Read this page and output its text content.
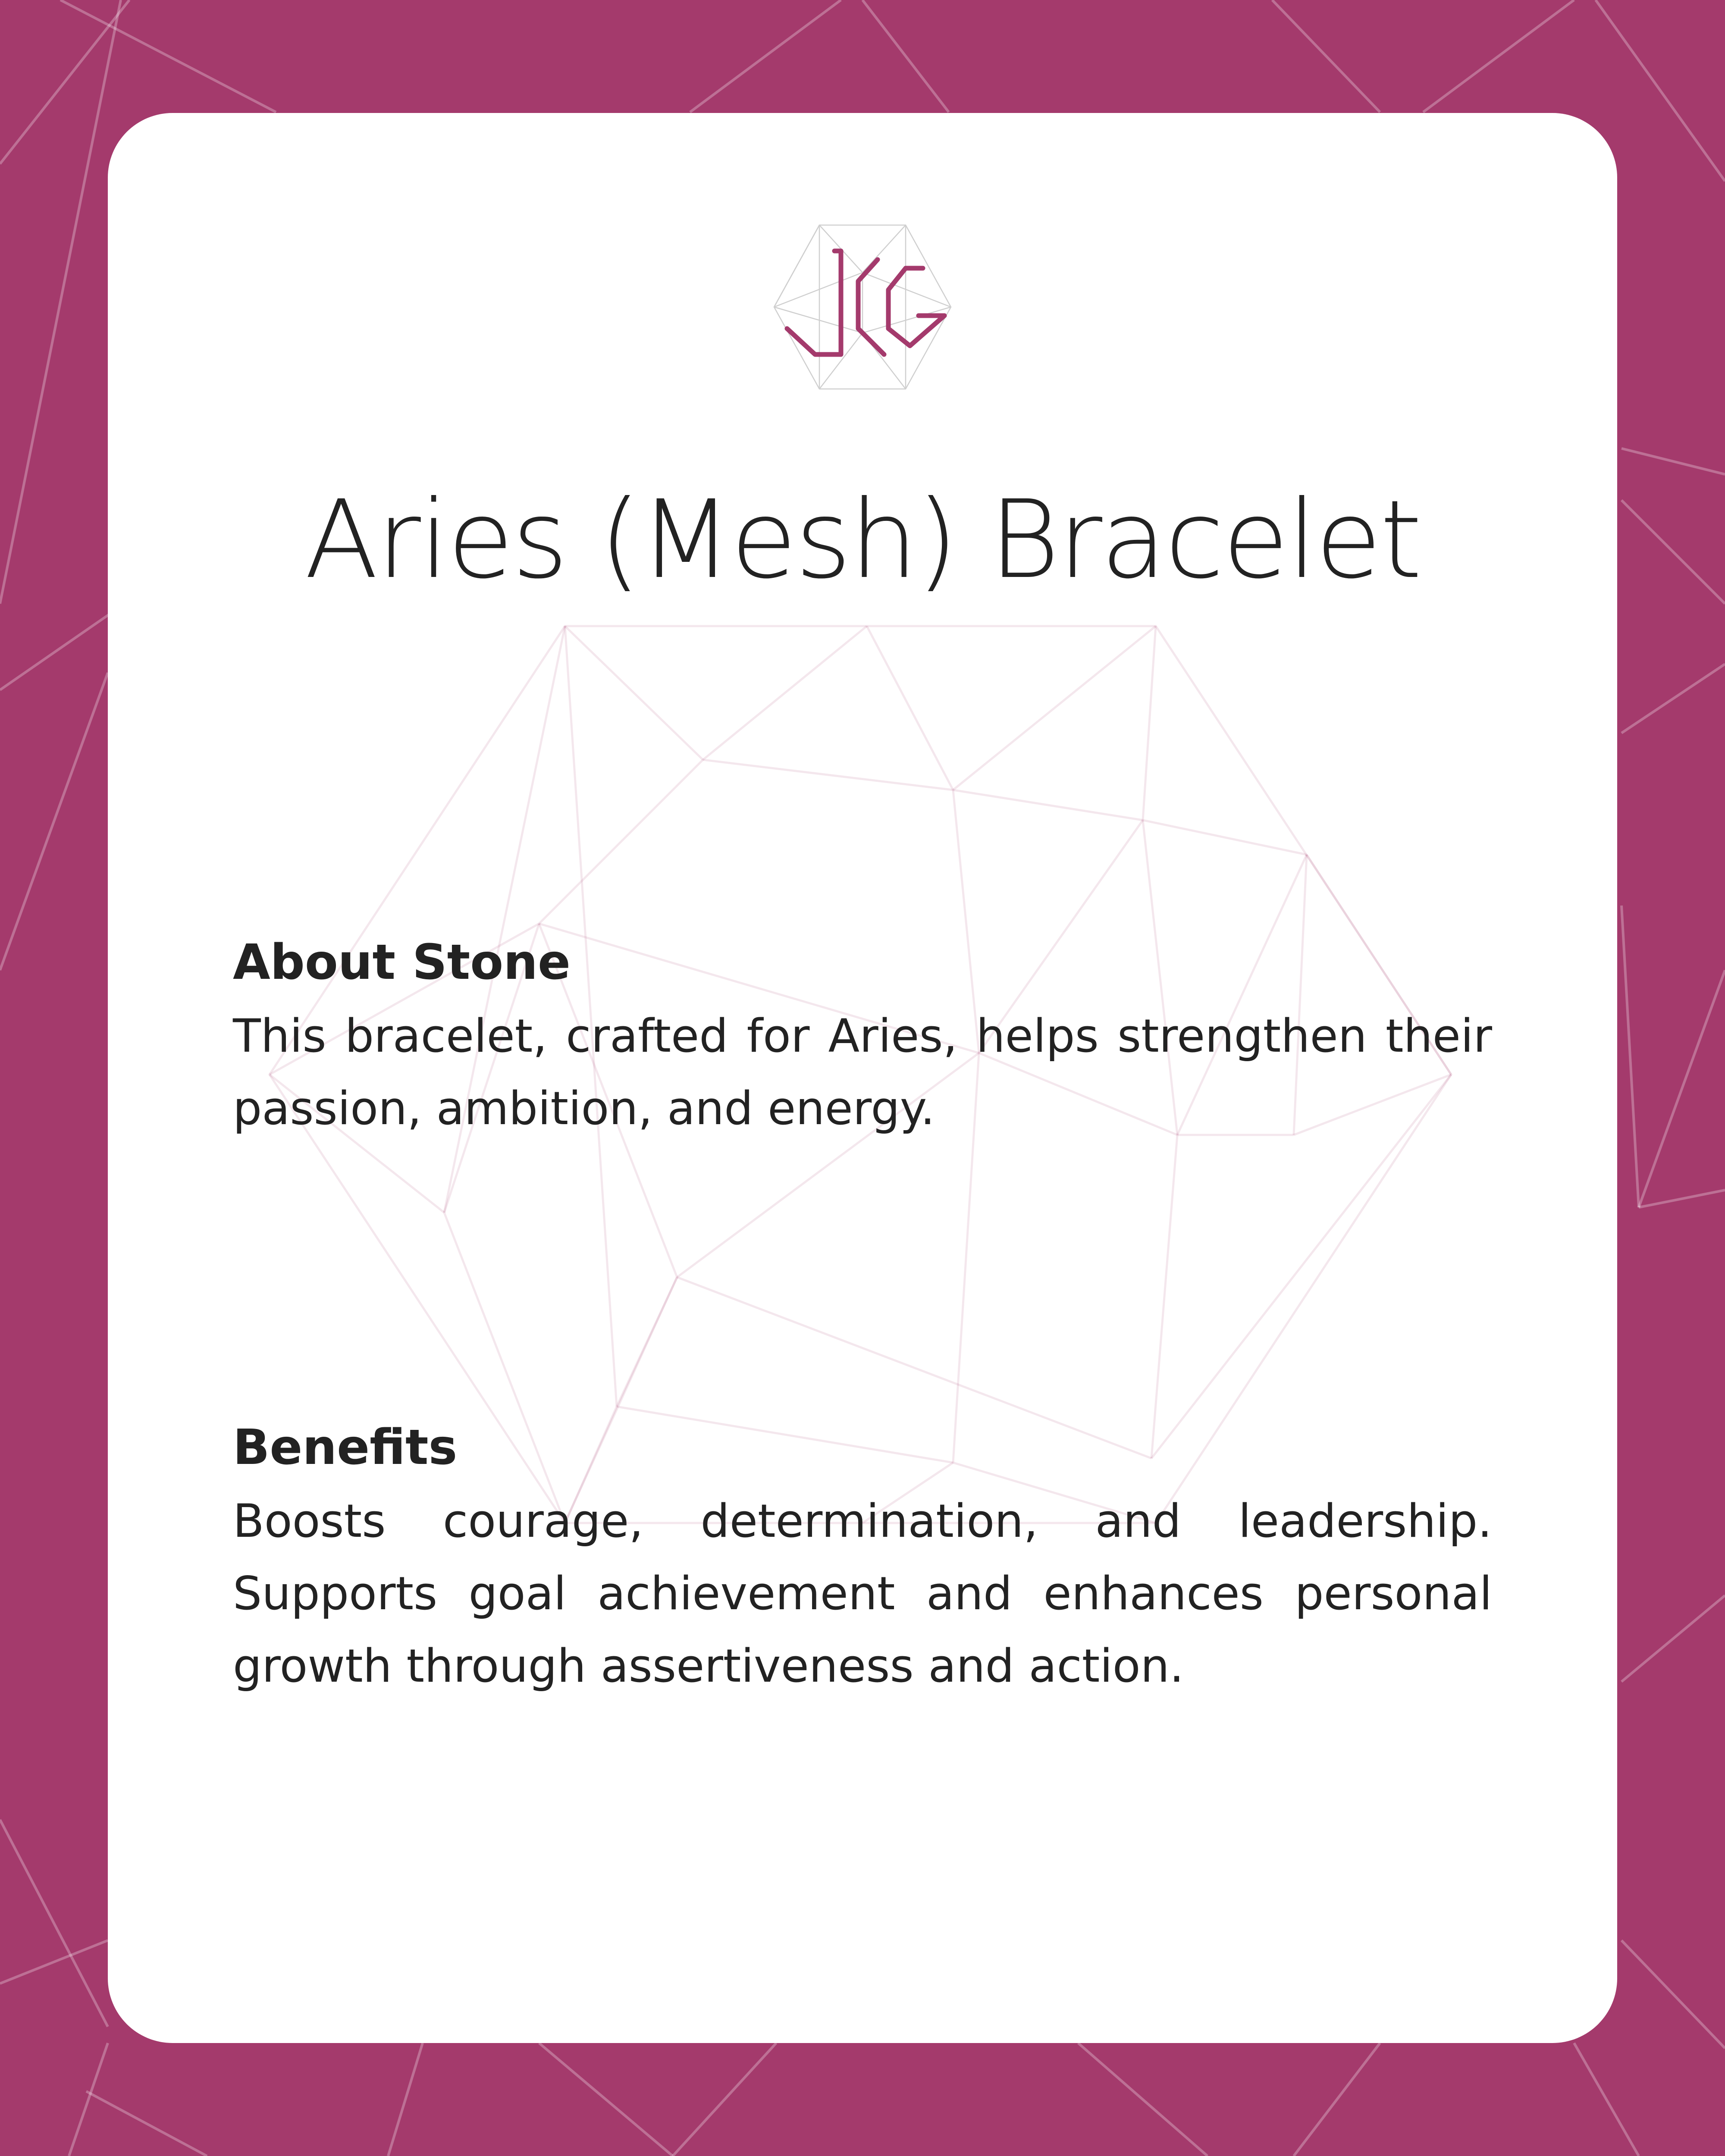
Aries (Mesh) Bracelet
About Stone

This bracelet, crafted for Aries, helps strengthen their passion, ambition, and energy.

Benefits

Boosts courage, determination, and leadership. Supports goal achievement and enhances personal growth through assertiveness and action.
